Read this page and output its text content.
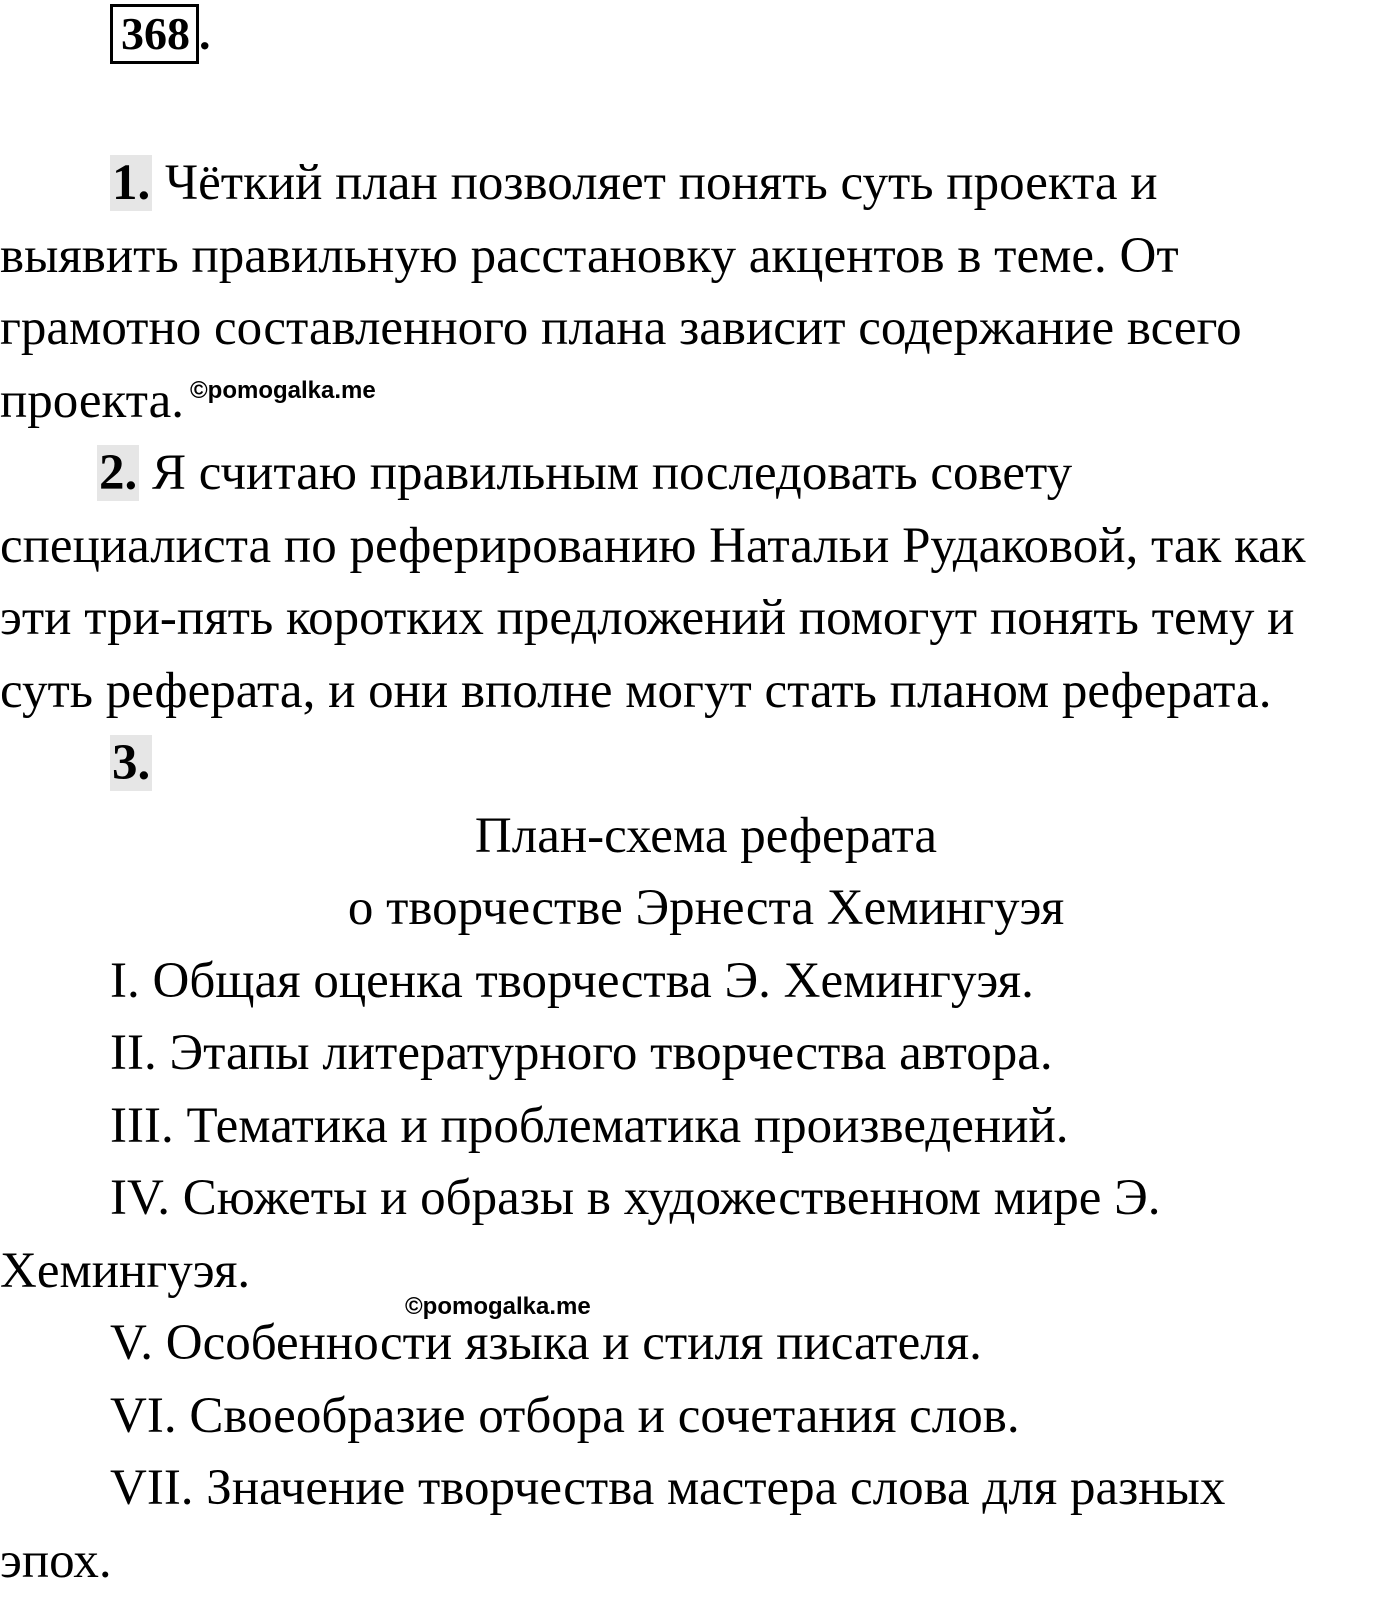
368 .
1. Чёткий план позволяет понять суть проекта и
выявить правильную расстановку акцентов в теме. От
грамотно составленного плана зависит содержание всего
проекта.
2. Я считаю правильным последовать совету
специалиста по реферированию Натальи Рудаковой, так как
эти три-пять коротких предложений помогут понять тему и
суть реферата, и они вполне могут стать планом реферата.
3.
План-схема реферата
о творчестве Эрнеста Хемингуэя
I. Общая оценка творчества Э. Хемингуэя.
II. Этапы литературного творчества автора.
III. Тематика и проблематика произведений.
IV. Сюжеты и образы в художественном мире Э.
Хемингуэя.
V. Особенности языка и стиля писателя.
VI. Своеобразие отбора и сочетания слов.
VII. Значение творчества мастера слова для разных
эпох.
©pomogalka.me
©pomogalka.me
